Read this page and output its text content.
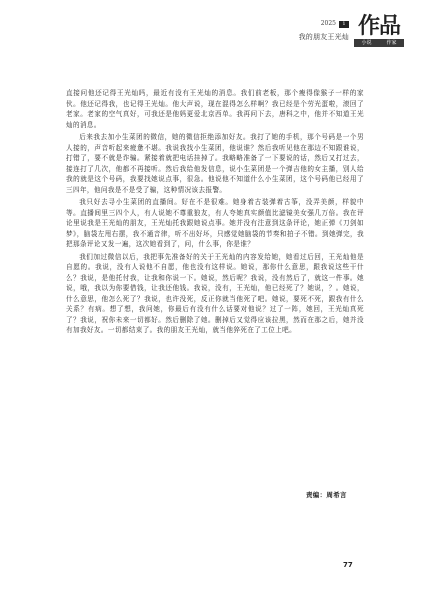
2025	1
我的朋友王光灿 作品
小说	作家

直接问他还记得王光灿吗，最近有没有王光灿的消息。我们前老板，那个瘦得像猴子一样的家伙。他还记得我，也记得王光灿。他大声说，现在混得怎么样啊？我已经是个劳光蛋啦，滚回了老家。老家的空气真好，可我还是他妈更爱北京西单。我再问下去，唐科之中，他并不知道王光灿的消息。

后来我去加小生菜团的微信，她的微信拒绝添加好友。我打了她的手机，那个号码是一个男人接的，声音听起来疲惫不堪。我说我找小生菜团，他说谁？然后我听见他在那边不知跟谁说，打错了，要不就是诈骗。紧接着就把电话挂掉了。我略略准备了一下要说的话，然后又打过去，接连打了几次，他都不再接听。然后我给他发信息，说小生菜团是一个弹吉他的女主播，别人给我的就是这个号码，我要找她说点事，很急。他说他不知道什么小生菜团，这个号码他已经用了三四年，他问我是不是受了骗，这种情况该去报警。

我只好去寻小生菜团的直播间。好在不是很难。她身着古装弹着古筝，没弄美颜，样貌中等。直播间里三四个人，有人说她不尊重狼友，有人夸她真实颜值比滤镜美女强几万倍。我在评论里说我是王光灿的朋友，王光灿托我跟她说点事。她并没有注意到这条评论，她正弹《刀剑如梦》，脑袋左甩右摆，我不通音律，听不出好坏，只感觉她脑袋的节奏和拍子不错。到她弹完，我把那条评论又发一遍，这次她看到了，问，什么事，你是谁？

我们加过微信以后，我把事先准备好的关于王光灿的内容发给她，她看过后回，王光灿他是自愿的。我说，没有人说他不自愿，他也没有这样说。她说，那你什么意思，跟我说这些干什么？我说，是他托付我，让我和你说一下。她说，然后呢？我说，没有然后了，就这一件事。她说，哦，我以为你要借钱，让我还他钱。我说，没有，王光灿，他已经死了？她说，？。她说，什么意思，他怎么死了？我说，也许没死，反正你就当他死了吧。她说，要死不死，跟我有什么关系？有病。想了想，我问她，你最后有没有什么话要对他说？过了一阵，她回，王光灿真死了？我说，祝你未来一切都好。然后删除了她。删掉后又觉得应该拉黑，然而在那之后，她并没有加我好友。一切都结束了。我的朋友王光灿，就当他猝死在了工位上吧。

责编：周希言
77
